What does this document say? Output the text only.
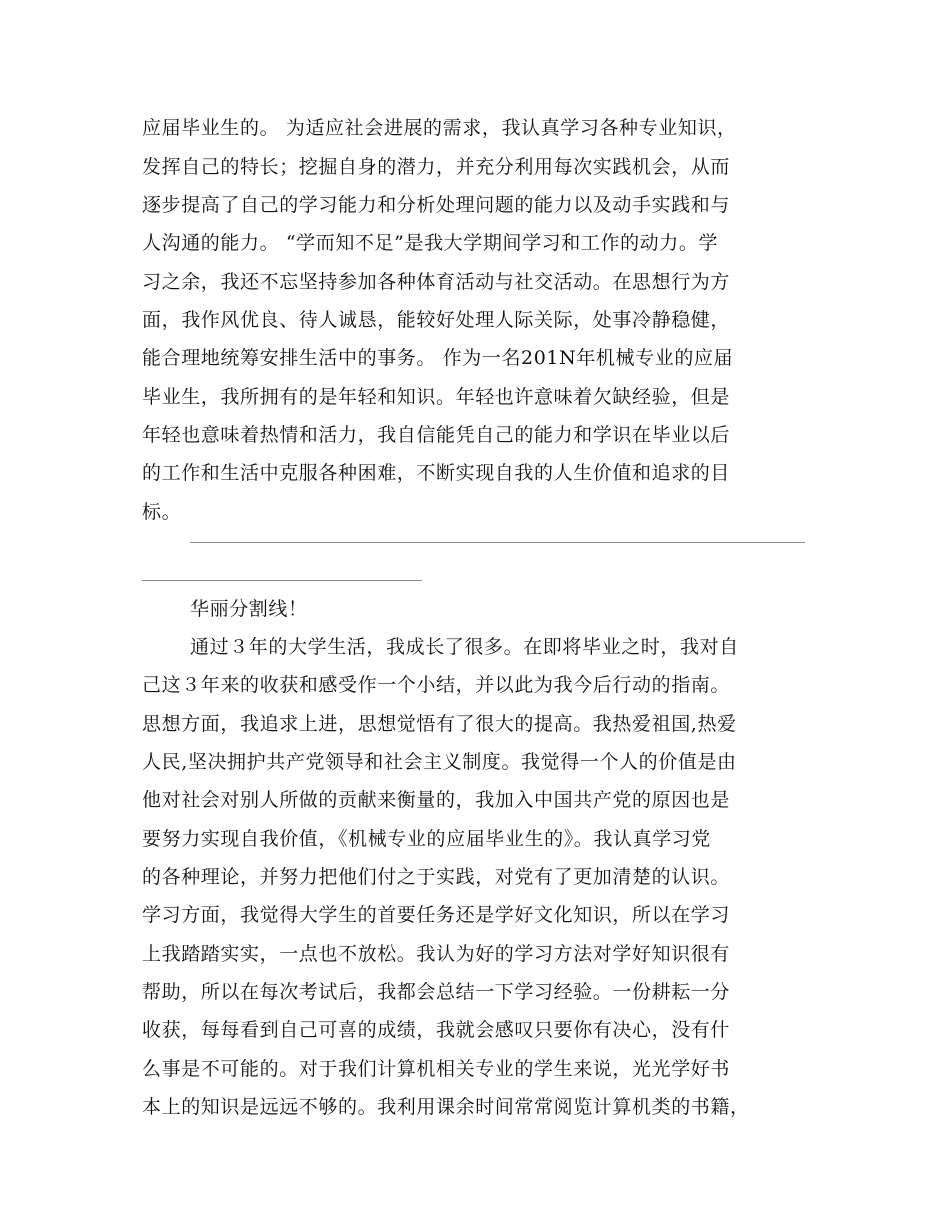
应届毕业生的。 为适应社会进展的需求，我认真学习各种专业知识，
发挥自己的特长；挖掘自身的潜力，并充分利用每次实践机会，从而
逐步提高了自己的学习能力和分析处理问题的能力以及动手实践和与
人沟通的能力。 “学而知不足”是我大学期间学习和工作的动力。学
习之余，我还不忘坚持参加各种体育活动与社交活动。在思想行为方
面，我作风优良、待人诚恳，能较好处理人际关际，处事冷静稳健，
能合理地统筹安排生活中的事务。 作为一名201N年机械专业的应届
毕业生，我所拥有的是年轻和知识。年轻也许意味着欠缺经验，但是
年轻也意味着热情和活力，我自信能凭自己的能力和学识在毕业以后
的工作和生活中克服各种困难，不断实现自我的人生价值和追求的目
标。
华丽分割线！
通过３年的大学生活，我成长了很多。在即将毕业之时，我对自
己这３年来的收获和感受作一个小结，并以此为我今后行动的指南。
思想方面，我追求上进，思想觉悟有了很大的提高。我热爱祖国,热爱
人民,坚决拥护共产党领导和社会主义制度。我觉得一个人的价值是由
他对社会对别人所做的贡献来衡量的，我加入中国共产党的原因也是
要努力实现自我价值，《机械专业的应届毕业生的》。我认真学习党
的各种理论，并努力把他们付之于实践，对党有了更加清楚的认识。
学习方面，我觉得大学生的首要任务还是学好文化知识，所以在学习
上我踏踏实实，一点也不放松。我认为好的学习方法对学好知识很有
帮助，所以在每次考试后，我都会总结一下学习经验。一份耕耘一分
收获，每每看到自己可喜的成绩，我就会感叹只要你有决心，没有什
么事是不可能的。对于我们计算机相关专业的学生来说，光光学好书
本上的知识是远远不够的。我利用课余时间常常阅览计算机类的书籍，
